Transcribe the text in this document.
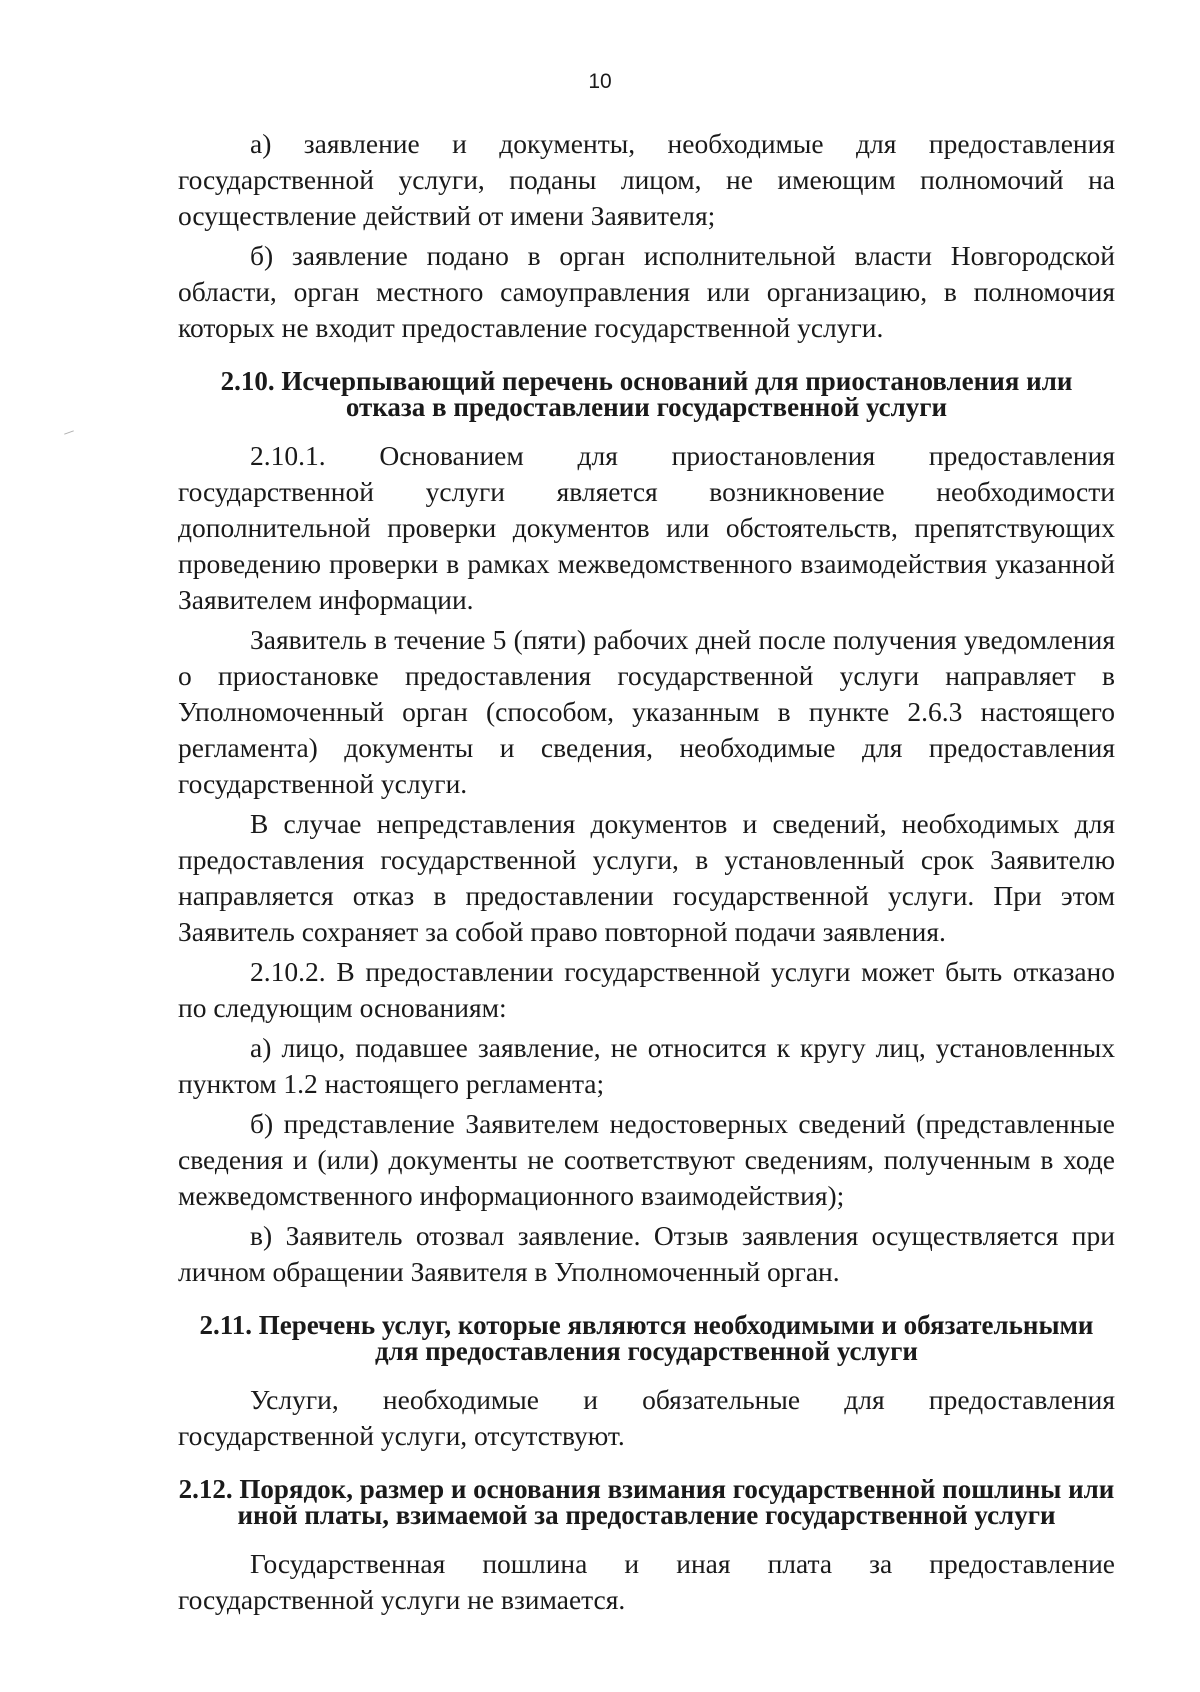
10

а) заявление и документы, необходимые для предоставления государственной услуги, поданы лицом, не имеющим полномочий на осуществление действий от имени Заявителя;

б) заявление подано в орган исполнительной власти Новгородской области, орган местного самоуправления или организацию, в полномочия которых не входит предоставление государственной услуги.

2.10. Исчерпывающий перечень оснований для приостановления или отказа в предоставлении государственной услуги

2.10.1. Основанием для приостановления предоставления государственной услуги является возникновение необходимости дополнительной проверки документов или обстоятельств, препятствующих проведению проверки в рамках межведомственного взаимодействия указанной Заявителем информации.

Заявитель в течение 5 (пяти) рабочих дней после получения уведомления о приостановке предоставления государственной услуги направляет в Уполномоченный орган (способом, указанным в пункте 2.6.3 настоящего регламента) документы и сведения, необходимые для предоставления государственной услуги.

В случае непредставления документов и сведений, необходимых для предоставления государственной услуги, в установленный срок Заявителю направляется отказ в предоставлении государственной услуги. При этом Заявитель сохраняет за собой право повторной подачи заявления.

2.10.2. В предоставлении государственной услуги может быть отказано по следующим основаниям:

а) лицо, подавшее заявление, не относится к кругу лиц, установленных пунктом 1.2 настоящего регламента;

б) представление Заявителем недостоверных сведений (представленные сведения и (или) документы не соответствуют сведениям, полученным в ходе межведомственного информационного взаимодействия);

в) Заявитель отозвал заявление. Отзыв заявления осуществляется при личном обращении Заявителя в Уполномоченный орган.

2.11. Перечень услуг, которые являются необходимыми и обязательными для предоставления государственной услуги

Услуги, необходимые и обязательные для предоставления государственной услуги, отсутствуют.

2.12. Порядок, размер и основания взимания государственной пошлины или иной платы, взимаемой за предоставление государственной услуги

Государственная пошлина и иная плата за предоставление государственной услуги не взимается.
